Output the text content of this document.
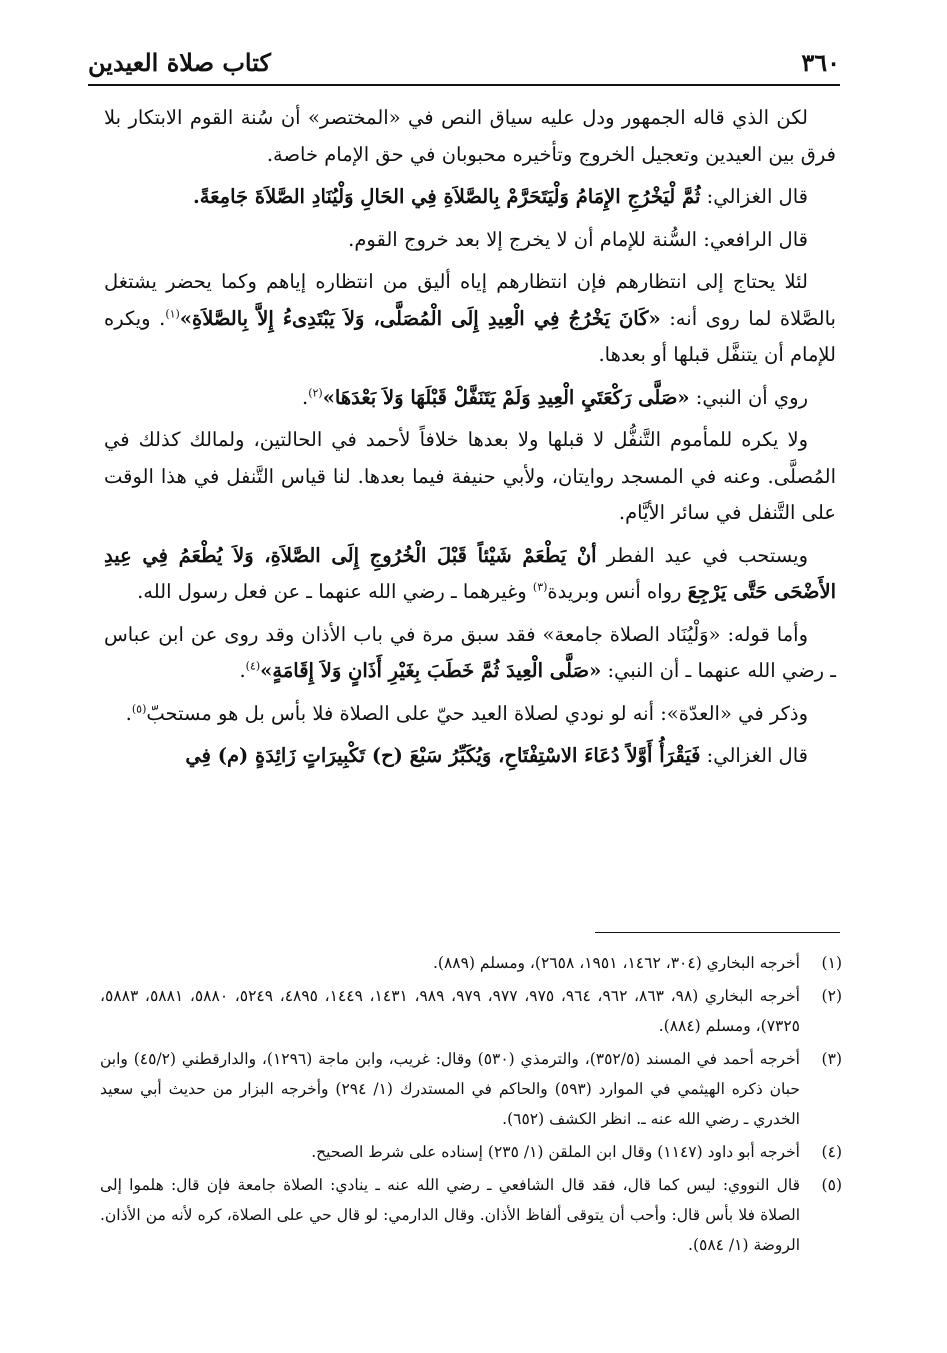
٣٦٠
كتاب صلاة العيدين

لكن الذي قاله الجمهور ودل عليه سياق النص في «المختصر» أن سُنة القوم الابتكار بلا فرق بين العيدين وتعجيل الخروج وتأخيره محبوبان في حق الإمام خاصة.

قال الغزالي: ثُمَّ لْيَخْرُجِ الإِمَامُ وَلْيَتَحَرَّمْ بِالصَّلاَةِ فِي الحَالِ وَلْيُنَادِ الصَّلاَةَ جَامِعَةً.

قال الرافعي: السُّنة للإمام أن لا يخرج إلا بعد خروج القوم.

لئلا يحتاج إلى انتظارهم فإن انتظارهم إياه أليق من انتظاره إياهم وكما يحضر يشتغل بالصَّلاة لما روى أنه: «كَانَ يَخْرُجُ فِي الْعِيدِ إِلَى الْمُصَلَّى، وَلاَ يَبْتَدِىءُ إِلاَّ بِالصَّلاَةِ»$^{(١)}$. ويكره للإمام أن يتنفَّل قبلها أو بعدها.

روي أن النبي: «صَلَّى رَكْعَتَيِ الْعِيدِ وَلَمْ يَتَنَفَّلْ قَبْلَهَا وَلاَ بَعْدَهَا»$^{(٢)}$.

ولا يكره للمأموم التَّنفُّل لا قبلها ولا بعدها خلافاً لأحمد في الحالتين، ولمالك كذلك في المُصلَّى. وعنه في المسجد روايتان، ولأبي حنيفة فيما بعدها. لنا قياس التَّنفل في هذا الوقت على التَّنفل في سائر الأيَّام.

ويستحب في عيد الفطر أنْ يَطْعَمْ شَيْئاً قَبْلَ الْخُرُوجِ إِلَى الصَّلاَةِ، وَلاَ يُطْعَمُ فِي عِيدِ الأَضْحَى حَتَّى يَرْجِعَ رواه أنس وبريدة$^{(٣)}$ وغيرهما ـ رضي الله عنهما ـ عن فعل رسول الله.

وأما قوله: «وَلْيُنَاد الصلاة جامعة» فقد سبق مرة في باب الأذان وقد روى عن ابن عباس ـ رضي الله عنهما ـ أن النبي: «صَلَّى الْعِيدَ ثُمَّ خَطَبَ بِغَيْرِ أَذَانٍ وَلاَ إِقَامَةٍ»$^{(٤)}$.

وذكر في «العدّة»: أنه لو نودي لصلاة العيد حيّ على الصلاة فلا بأس بل هو مستحبّ$^{(٥)}$.

قال الغزالي: فَيَقْرَأُ أَوَّلاً دُعَاءَ الاسْتِفْتَاحِ، وَيُكَبِّرُ سَبْعَ (ح) تَكْبِيرَاتٍ زَائِدَةٍ (م) فِي

(١)
أخرجه البخاري (٣٠٤، ١٤٦٢، ١٩٥١، ٢٦٥٨)، ومسلم (٨٨٩).
(٢)
أخرجه البخاري (٩٨، ٨٦٣، ٩٦٢، ٩٦٤، ٩٧٥، ٩٧٧، ٩٧٩، ٩٨٩، ١٤٣١، ١٤٤٩، ٤٨٩٥، ٥٢٤٩، ٥٨٨٠، ٥٨٨١، ٥٨٨٣، ٧٣٢٥)، ومسلم (٨٨٤).
(٣)
أخرجه أحمد في المسند (٣٥٢/٥)، والترمذي (٥٣٠) وقال: غريب، وابن ماجة (١٢٩٦)، والدارقطني (٤٥/٢) وابن حبان ذكره الهيثمي في الموارد (٥٩٣) والحاكم في المستدرك (١/ ٢٩٤) وأخرجه البزار من حديث أبي سعيد الخدري ـ رضي الله عنه ـ. انظر الكشف (٦٥٢).
(٤)
أخرجه أبو داود (١١٤٧) وقال ابن الملقن (١/ ٢٣٥) إسناده على شرط الصحيح.
(٥)
قال النووي: ليس كما قال، فقد قال الشافعي ـ رضي الله عنه ـ ينادي: الصلاة جامعة فإن قال: هلموا إلى الصلاة فلا بأس قال: وأحب أن يتوقى ألفاظ الأذان. وقال الدارمي: لو قال حي على الصلاة، كره لأنه من الأذان. الروضة (١/ ٥٨٤).
